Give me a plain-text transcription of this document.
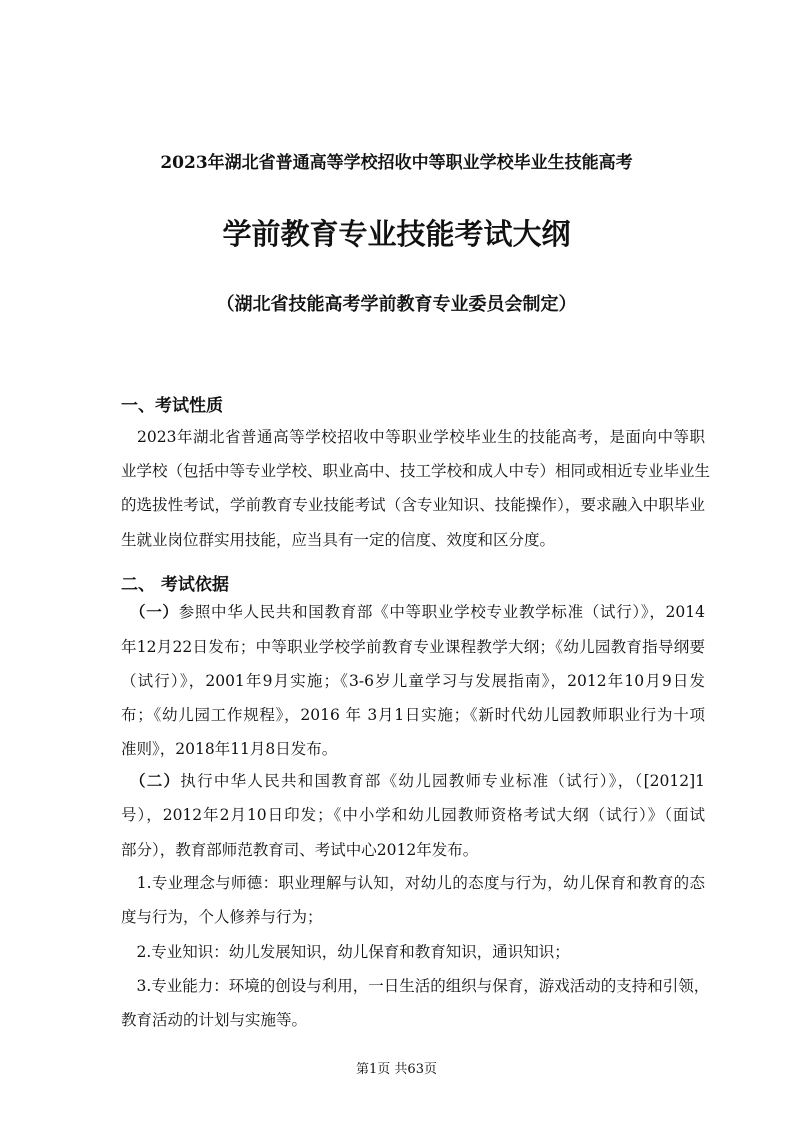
2023年湖北省普通高等学校招收中等职业学校毕业生技能高考
学前教育专业技能考试大纲
（湖北省技能高考学前教育专业委员会制定）
一、考试性质
　2023年湖北省普通高等学校招收中等职业学校毕业生的技能高考，是面向中等职
业学校（包括中等专业学校、职业高中、技工学校和成人中专）相同或相近专业毕业生
的选拔性考试，学前教育专业技能考试（含专业知识、技能操作），要求融入中职毕业
生就业岗位群实用技能，应当具有一定的信度、效度和区分度。
二、 考试依据
（一）参照中华人民共和国教育部《中等职业学校专业教学标准（试行）》，2014
年12月22日发布；中等职业学校学前教育专业课程教学大纲；《幼儿园教育指导纲要
（试行）》，2001年9月实施；《3-6岁儿童学习与发展指南》，2012年10月9日发
布；《幼儿园工作规程》，2016 年 3月1日实施；《新时代幼儿园教师职业行为十项
准则》，2018年11月8日发布。
（二）执行中华人民共和国教育部《幼儿园教师专业标准（试行）》，（[2012]1
号），2012年2月10日印发；《中小学和幼儿园教师资格考试大纲（试行）》（面试
部分），教育部师范教育司、考试中心2012年发布。
　1.专业理念与师德：职业理解与认知，对幼儿的态度与行为，幼儿保育和教育的态
度与行为，个人修养与行为；
　2.专业知识：幼儿发展知识，幼儿保育和教育知识，通识知识；
　3.专业能力：环境的创设与利用，一日生活的组织与保育，游戏活动的支持和引领，
教育活动的计划与实施等。
第1页 共63页
